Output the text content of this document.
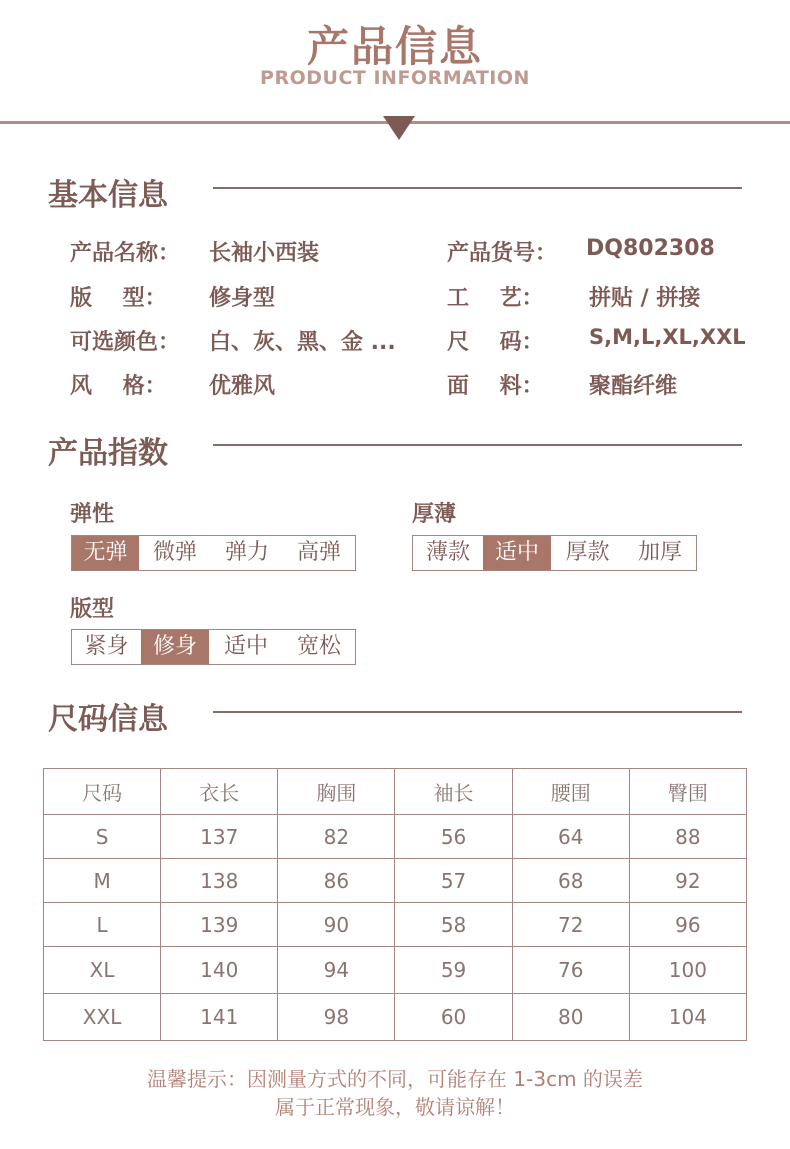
产品信息
PRODUCT INFORMATION
基本信息
产品名称： 长袖小西装	产品货号： DQ802308
版    型： 修身型	工    艺： 拼贴 / 拼接
可选颜色： 白、灰、黑、金 ... 尺    码： S,M,L,XL,XXL
风    格： 优雅风	面    料： 聚酯纤维
产品指数
弹性
无弹	微弹	弹力	高弹
厚薄
薄款	适中	厚款	加厚
版型
紧身	修身	适中	宽松
尺码信息
尺码	衣长	胸围	袖长	腰围	臀围
S	137	82	56	64	88
M	138	86	57	68	92
L	139	90	58	72	96
XL	140	94	59	76	100
XXL	141	98	60	80	104
温馨提示：因测量方式的不同，可能存在 1-3cm 的误差
属于正常现象，敬请谅解！
